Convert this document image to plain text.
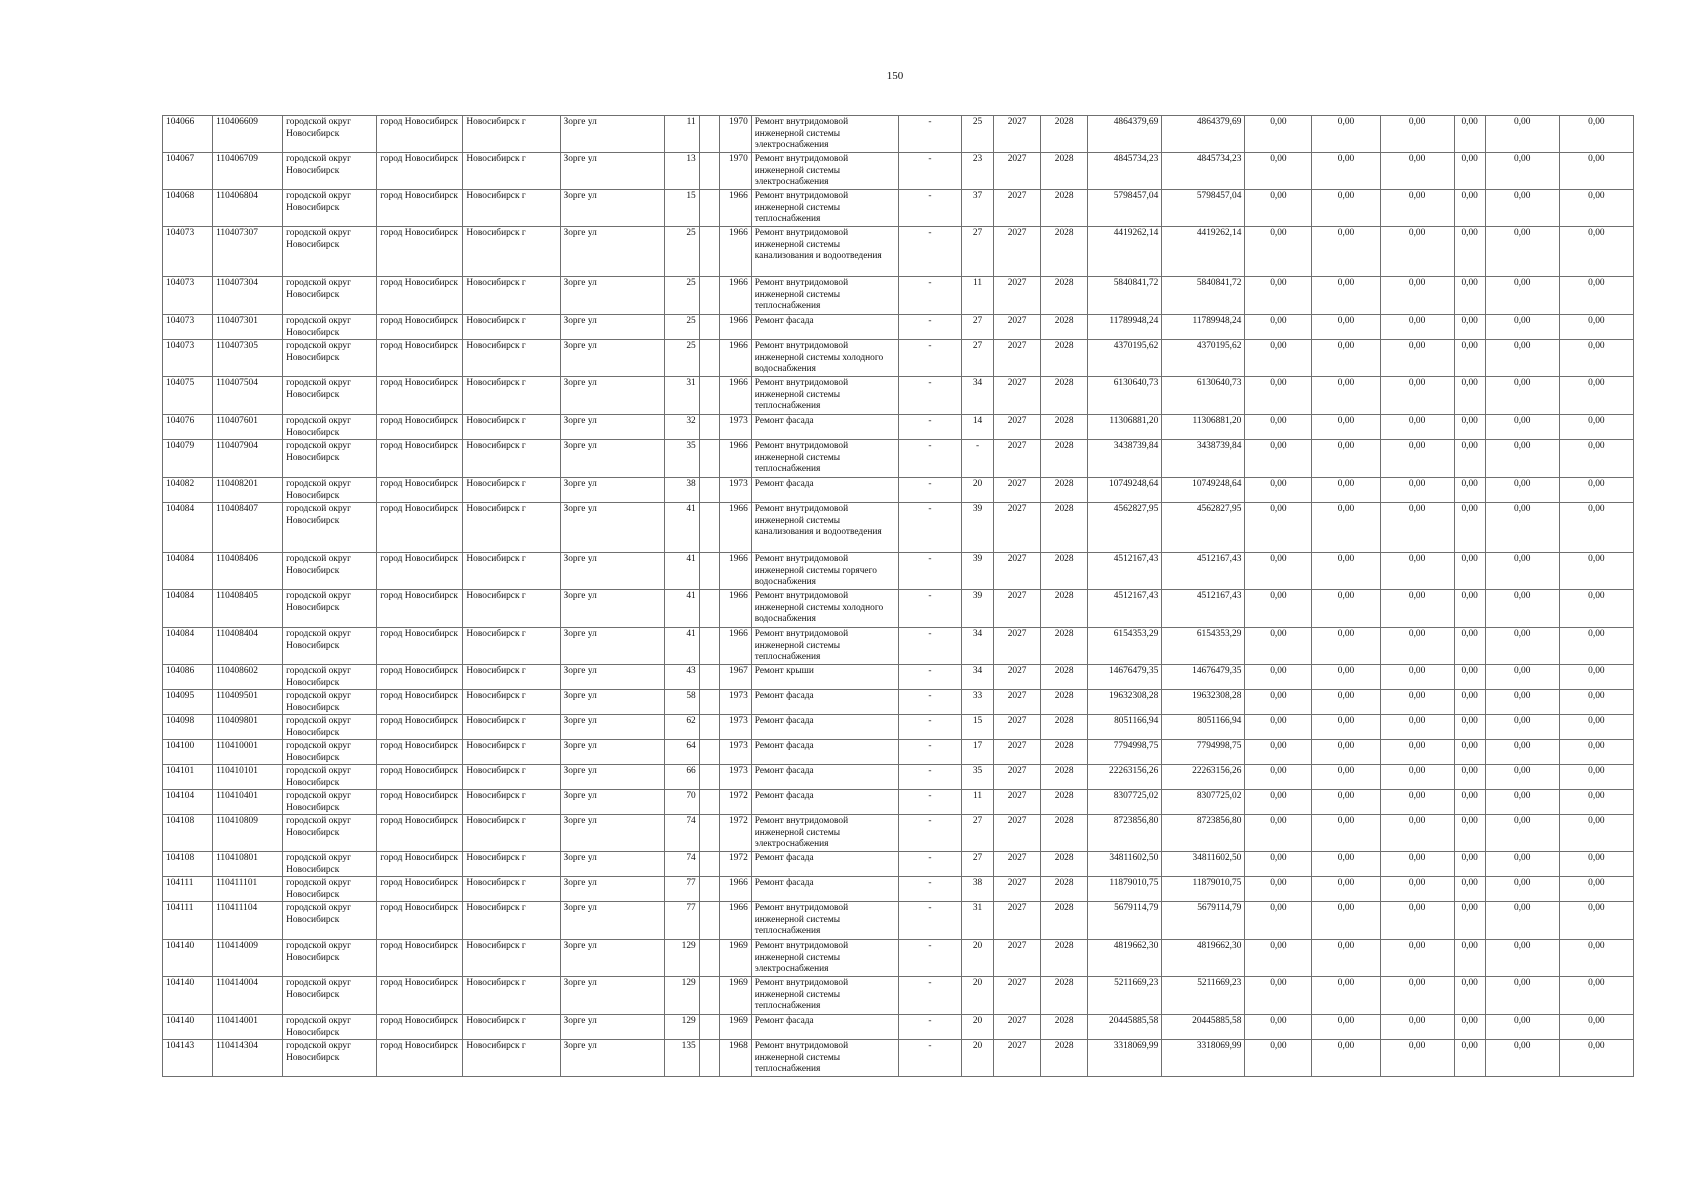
150
104066	110406609	городской округ Новосибирск	город Новосибирск	Новосибирск г	Зорге ул	11		1970	Ремонт внутридомовой инженерной системы электроснабжения	-	25	2027	2028	4864379,69	4864379,69	0,00	0,00	0,00	0,00	0,00	0,00
104067	110406709	городской округ Новосибирск	город Новосибирск	Новосибирск г	Зорге ул	13		1970	Ремонт внутридомовой инженерной системы электроснабжения	-	23	2027	2028	4845734,23	4845734,23	0,00	0,00	0,00	0,00	0,00	0,00
104068	110406804	городской округ Новосибирск	город Новосибирск	Новосибирск г	Зорге ул	15		1966	Ремонт внутридомовой инженерной системы теплоснабжения	-	37	2027	2028	5798457,04	5798457,04	0,00	0,00	0,00	0,00	0,00	0,00
104073	110407307	городской округ Новосибирск	город Новосибирск	Новосибирск г	Зорге ул	25		1966	Ремонт внутридомовой инженерной системы канализования и водоотведения	-	27	2027	2028	4419262,14	4419262,14	0,00	0,00	0,00	0,00	0,00	0,00
104073	110407304	городской округ Новосибирск	город Новосибирск	Новосибирск г	Зорге ул	25		1966	Ремонт внутридомовой инженерной системы теплоснабжения	-	11	2027	2028	5840841,72	5840841,72	0,00	0,00	0,00	0,00	0,00	0,00
104073	110407301	городской округ Новосибирск	город Новосибирск	Новосибирск г	Зорге ул	25		1966	Ремонт фасада	-	27	2027	2028	11789948,24	11789948,24	0,00	0,00	0,00	0,00	0,00	0,00
104073	110407305	городской округ Новосибирск	город Новосибирск	Новосибирск г	Зорге ул	25		1966	Ремонт внутридомовой инженерной системы холодного водоснабжения	-	27	2027	2028	4370195,62	4370195,62	0,00	0,00	0,00	0,00	0,00	0,00
104075	110407504	городской округ Новосибирск	город Новосибирск	Новосибирск г	Зорге ул	31		1966	Ремонт внутридомовой инженерной системы теплоснабжения	-	34	2027	2028	6130640,73	6130640,73	0,00	0,00	0,00	0,00	0,00	0,00
104076	110407601	городской округ Новосибирск	город Новосибирск	Новосибирск г	Зорге ул	32		1973	Ремонт фасада	-	14	2027	2028	11306881,20	11306881,20	0,00	0,00	0,00	0,00	0,00	0,00
104079	110407904	городской округ Новосибирск	город Новосибирск	Новосибирск г	Зорге ул	35		1966	Ремонт внутридомовой инженерной системы теплоснабжения	-	-	2027	2028	3438739,84	3438739,84	0,00	0,00	0,00	0,00	0,00	0,00
104082	110408201	городской округ Новосибирск	город Новосибирск	Новосибирск г	Зорге ул	38		1973	Ремонт фасада	-	20	2027	2028	10749248,64	10749248,64	0,00	0,00	0,00	0,00	0,00	0,00
104084	110408407	городской округ Новосибирск	город Новосибирск	Новосибирск г	Зорге ул	41		1966	Ремонт внутридомовой инженерной системы канализования и водоотведения	-	39	2027	2028	4562827,95	4562827,95	0,00	0,00	0,00	0,00	0,00	0,00
104084	110408406	городской округ Новосибирск	город Новосибирск	Новосибирск г	Зорге ул	41		1966	Ремонт внутридомовой инженерной системы горячего водоснабжения	-	39	2027	2028	4512167,43	4512167,43	0,00	0,00	0,00	0,00	0,00	0,00
104084	110408405	городской округ Новосибирск	город Новосибирск	Новосибирск г	Зорге ул	41		1966	Ремонт внутридомовой инженерной системы холодного водоснабжения	-	39	2027	2028	4512167,43	4512167,43	0,00	0,00	0,00	0,00	0,00	0,00
104084	110408404	городской округ Новосибирск	город Новосибирск	Новосибирск г	Зорге ул	41		1966	Ремонт внутридомовой инженерной системы теплоснабжения	-	34	2027	2028	6154353,29	6154353,29	0,00	0,00	0,00	0,00	0,00	0,00
104086	110408602	городской округ Новосибирск	город Новосибирск	Новосибирск г	Зорге ул	43		1967	Ремонт крыши	-	34	2027	2028	14676479,35	14676479,35	0,00	0,00	0,00	0,00	0,00	0,00
104095	110409501	городской округ Новосибирск	город Новосибирск	Новосибирск г	Зорге ул	58		1973	Ремонт фасада	-	33	2027	2028	19632308,28	19632308,28	0,00	0,00	0,00	0,00	0,00	0,00
104098	110409801	городской округ Новосибирск	город Новосибирск	Новосибирск г	Зорге ул	62		1973	Ремонт фасада	-	15	2027	2028	8051166,94	8051166,94	0,00	0,00	0,00	0,00	0,00	0,00
104100	110410001	городской округ Новосибирск	город Новосибирск	Новосибирск г	Зорге ул	64		1973	Ремонт фасада	-	17	2027	2028	7794998,75	7794998,75	0,00	0,00	0,00	0,00	0,00	0,00
104101	110410101	городской округ Новосибирск	город Новосибирск	Новосибирск г	Зорге ул	66		1973	Ремонт фасада	-	35	2027	2028	22263156,26	22263156,26	0,00	0,00	0,00	0,00	0,00	0,00
104104	110410401	городской округ Новосибирск	город Новосибирск	Новосибирск г	Зорге ул	70		1972	Ремонт фасада	-	11	2027	2028	8307725,02	8307725,02	0,00	0,00	0,00	0,00	0,00	0,00
104108	110410809	городской округ Новосибирск	город Новосибирск	Новосибирск г	Зорге ул	74		1972	Ремонт внутридомовой инженерной системы электроснабжения	-	27	2027	2028	8723856,80	8723856,80	0,00	0,00	0,00	0,00	0,00	0,00
104108	110410801	городской округ Новосибирск	город Новосибирск	Новосибирск г	Зорге ул	74		1972	Ремонт фасада	-	27	2027	2028	34811602,50	34811602,50	0,00	0,00	0,00	0,00	0,00	0,00
104111	110411101	городской округ Новосибирск	город Новосибирск	Новосибирск г	Зорге ул	77		1966	Ремонт фасада	-	38	2027	2028	11879010,75	11879010,75	0,00	0,00	0,00	0,00	0,00	0,00
104111	110411104	городской округ Новосибирск	город Новосибирск	Новосибирск г	Зорге ул	77		1966	Ремонт внутридомовой инженерной системы теплоснабжения	-	31	2027	2028	5679114,79	5679114,79	0,00	0,00	0,00	0,00	0,00	0,00
104140	110414009	городской округ Новосибирск	город Новосибирск	Новосибирск г	Зорге ул	129		1969	Ремонт внутридомовой инженерной системы электроснабжения	-	20	2027	2028	4819662,30	4819662,30	0,00	0,00	0,00	0,00	0,00	0,00
104140	110414004	городской округ Новосибирск	город Новосибирск	Новосибирск г	Зорге ул	129		1969	Ремонт внутридомовой инженерной системы теплоснабжения	-	20	2027	2028	5211669,23	5211669,23	0,00	0,00	0,00	0,00	0,00	0,00
104140	110414001	городской округ Новосибирск	город Новосибирск	Новосибирск г	Зорге ул	129		1969	Ремонт фасада	-	20	2027	2028	20445885,58	20445885,58	0,00	0,00	0,00	0,00	0,00	0,00
104143	110414304	городской округ Новосибирск	город Новосибирск	Новосибирск г	Зорге ул	135		1968	Ремонт внутридомовой инженерной системы теплоснабжения	-	20	2027	2028	3318069,99	3318069,99	0,00	0,00	0,00	0,00	0,00	0,00
